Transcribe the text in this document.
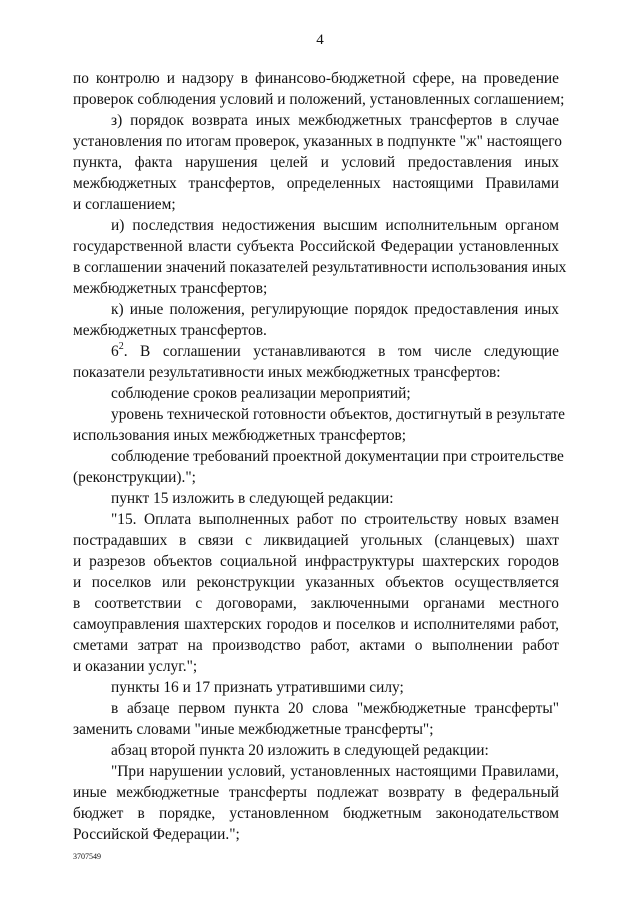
4
по контролю и надзору в финансово-бюджетной сфере, на проведение
проверок соблюдения условий и положений, установленных соглашением;
з) порядок возврата иных межбюджетных трансфертов в случае
установления по итогам проверок, указанных в подпункте "ж" настоящего
пункта, факта нарушения целей и условий предоставления иных
межбюджетных трансфертов, определенных настоящими Правилами
и соглашением;
и) последствия недостижения высшим исполнительным органом
государственной власти субъекта Российской Федерации установленных
в соглашении значений показателей результативности использования иных
межбюджетных трансфертов;
к) иные положения, регулирующие порядок предоставления иных
межбюджетных трансфертов.
$6^2$. В соглашении устанавливаются в том числе следующие
показатели результативности иных межбюджетных трансфертов:
соблюдение сроков реализации мероприятий;
уровень технической готовности объектов, достигнутый в результате
использования иных межбюджетных трансфертов;
соблюдение требований проектной документации при строительстве
(реконструкции).";
пункт 15 изложить в следующей редакции:
"15. Оплата выполненных работ по строительству новых взамен
пострадавших в связи с ликвидацией угольных (сланцевых) шахт
и разрезов объектов социальной инфраструктуры шахтерских городов
и поселков или реконструкции указанных объектов осуществляется
в соответствии с договорами, заключенными органами местного
самоуправления шахтерских городов и поселков и исполнителями работ,
сметами затрат на производство работ, актами о выполнении работ
и оказании услуг.";
пункты 16 и 17 признать утратившими силу;
в абзаце первом пункта 20 слова "межбюджетные трансферты"
заменить словами "иные межбюджетные трансферты";
абзац второй пункта 20 изложить в следующей редакции:
"При нарушении условий, установленных настоящими Правилами,
иные межбюджетные трансферты подлежат возврату в федеральный
бюджет в порядке, установленном бюджетным законодательством
Российской Федерации.";
3707549
